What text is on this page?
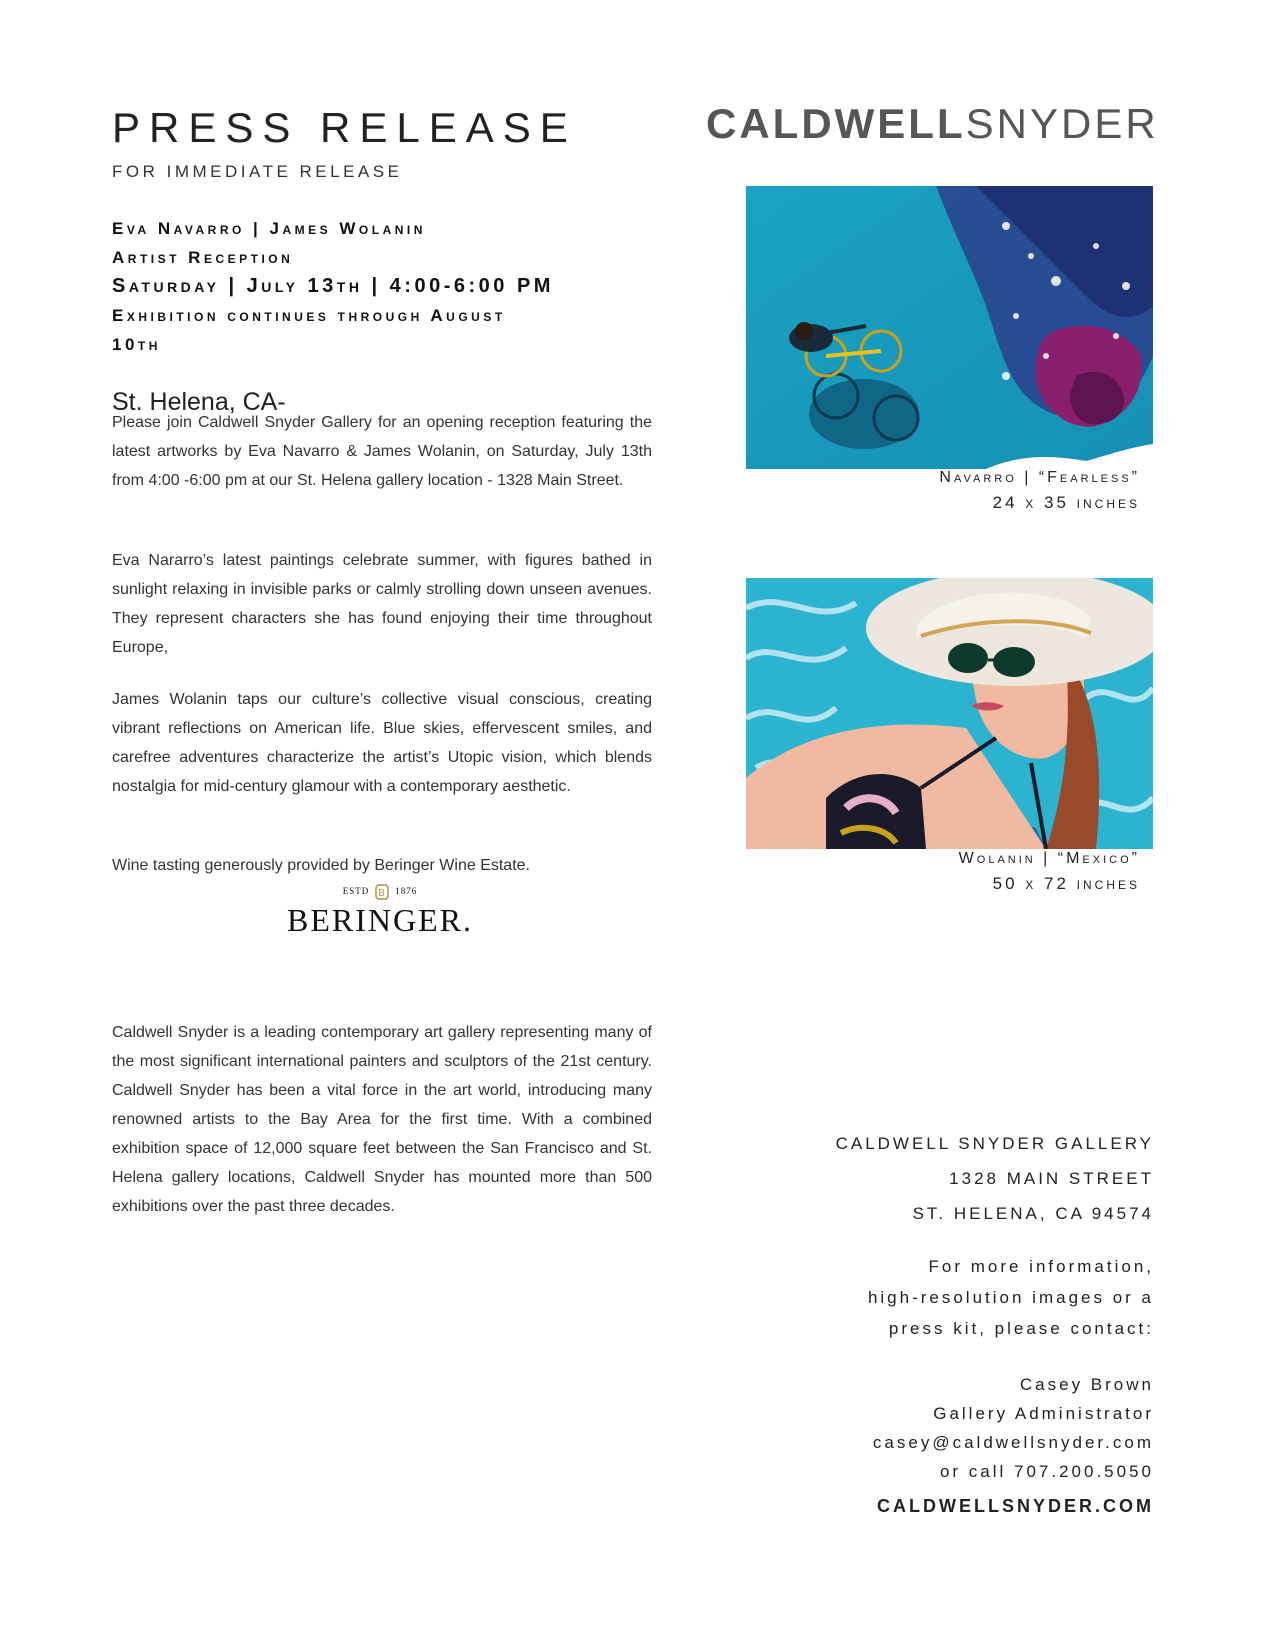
PRESS RELEASE
FOR IMMEDIATE RELEASE
CALDWELLSNYDER
Eva Navarro | James Wolanin
Artist Reception
Saturday | July 13th | 4:00-6:00 PM
Exhibition continues through August
10th
St. Helena, CA-
Please join Caldwell Snyder Gallery for an opening reception featuring the latest artworks by Eva Navarro & James Wolanin, on Saturday, July 13th from 4:00 -6:00 pm at our St. Helena gallery location - 1328 Main Street.
Eva Nararro’s latest paintings celebrate summer, with figures bathed in sunlight relaxing in invisible parks or calmly strolling down unseen avenues. They represent characters she has found enjoying their time throughout Europe,
James Wolanin taps our culture’s collective visual conscious, creating vibrant reflections on American life. Blue skies, effervescent smiles, and carefree adventures characterize the artist’s Utopic vision, which blends nostalgia for mid-century glamour with a contemporary aesthetic.
Wine tasting generously provided by Beringer Wine Estate.
ESTD B 1876
BERINGER.
Caldwell Snyder is a leading contemporary art gallery representing many of the most significant international painters and sculptors of the 21st century. Caldwell Snyder has been a vital force in the art world, introducing many renowned artists to the Bay Area for the first time. With a combined exhibition space of 12,000 square feet between the San Francisco and St. Helena gallery locations, Caldwell Snyder has mounted more than 500 exhibitions over the past three decades.
Navarro | “Fearless”
24 x 35 inches
Wolanin | “Mexico”
50 x 72 inches
CALDWELL SNYDER GALLERY
1328 MAIN STREET
ST. HELENA, CA 94574
For more information,
high-resolution images or a
press kit, please contact:
Casey Brown
Gallery Administrator
casey@caldwellsnyder.com
or call 707.200.5050
CALDWELLSNYDER.COM
